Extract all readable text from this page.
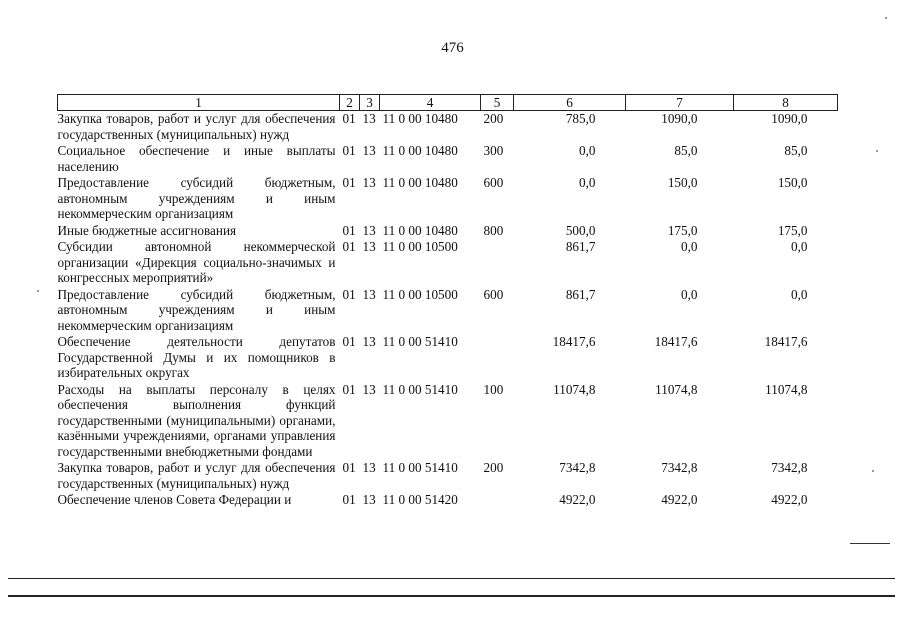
476
1	2	3	4	5	6	7	8
Закупка товаров, работ и услуг для обеспечения государственных (муниципальных) нужд	01	13	11 0 00 10480	200	785,0	1090,0	1090,0
Социальное обеспечение и иные выплаты населению	01	13	11 0 00 10480	300	0,0	85,0	85,0
Предоставление субсидий бюджетным, автономным учреждениям и иным некоммерческим организациям	01	13	11 0 00 10480	600	0,0	150,0	150,0
Иные бюджетные ассигнования	01	13	11 0 00 10480	800	500,0	175,0	175,0
Субсидии автономной некоммерческой организации «Дирекция социально-значимых и конгрессных мероприятий»	01	13	11 0 00 10500		861,7	0,0	0,0
Предоставление субсидий бюджетным, автономным учреждениям и иным некоммерческим организациям	01	13	11 0 00 10500	600	861,7	0,0	0,0
Обеспечение деятельности депутатов Государственной Думы и их помощников в избирательных округах	01	13	11 0 00 51410		18417,6	18417,6	18417,6
Расходы на выплаты персоналу в целях обеспечения выполнения функций государственными (муниципальными) органами, казёнными учреждениями, органами управления государственными внебюджетными фондами	01	13	11 0 00 51410	100	11074,8	11074,8	11074,8
Закупка товаров, работ и услуг для обеспечения государственных (муниципальных) нужд	01	13	11 0 00 51410	200	7342,8	7342,8	7342,8
Обеспечение членов Совета Федерации и	01	13	11 0 00 51420		4922,0	4922,0	4922,0
